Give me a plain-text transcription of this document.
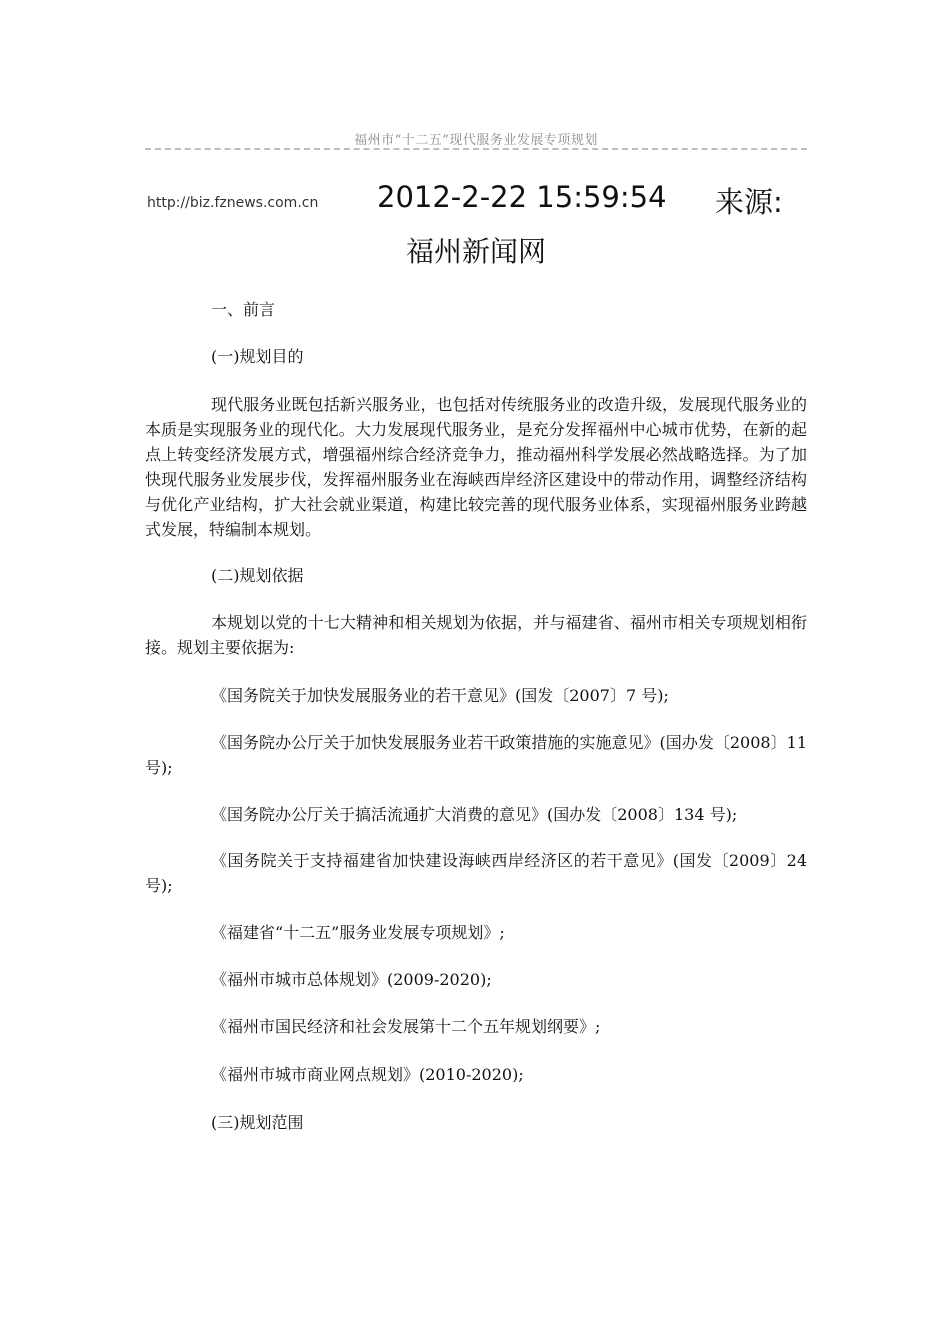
福州市“十二五”现代服务业发展专项规划
http://biz.fznews.com.cn 2012-2-22 15:59:54 来源:
福州新闻网
一、前言
(一)规划目的

现代服务业既包括新兴服务业，也包括对传统服务业的改造升级，发展现代服务业的本质是实现服务业的现代化。大力发展现代服务业，是充分发挥福州中心城市优势，在新的起点上转变经济发展方式，增强福州综合经济竞争力，推动福州科学发展必然战略选择。为了加快现代服务业发展步伐，发挥福州服务业在海峡西岸经济区建设中的带动作用，调整经济结构与优化产业结构，扩大社会就业渠道，构建比较完善的现代服务业体系，实现福州服务业跨越式发展，特编制本规划。

(二)规划依据

本规划以党的十七大精神和相关规划为依据，并与福建省、福州市相关专项规划相衔接。规划主要依据为:

《国务院关于加快发展服务业的若干意见》(国发〔2007〕7 号);

《国务院办公厅关于加快发展服务业若干政策措施的实施意见》(国办发〔2008〕11 号);

《国务院办公厅关于搞活流通扩大消费的意见》(国办发〔2008〕134 号);

《国务院关于支持福建省加快建设海峡西岸经济区的若干意见》(国发〔2009〕24 号);

《福建省“十二五”服务业发展专项规划》;

《福州市城市总体规划》(2009-2020);

《福州市国民经济和社会发展第十二个五年规划纲要》;

《福州市城市商业网点规划》(2010-2020);

(三)规划范围
